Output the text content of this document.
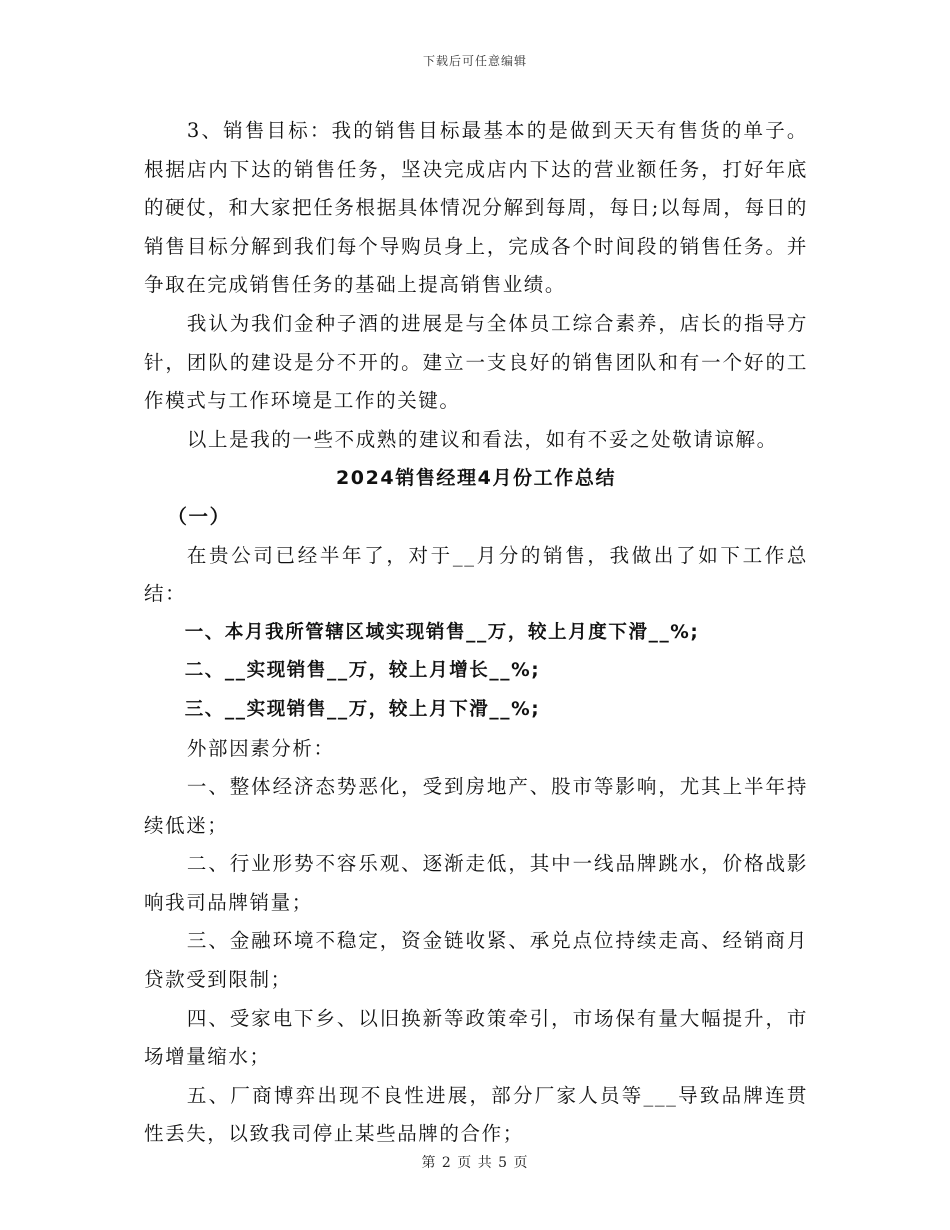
下载后可任意编辑

3、销售目标：我的销售目标最基本的是做到天天有售货的单子。根据店内下达的销售任务，坚决完成店内下达的营业额任务，打好年底的硬仗，和大家把任务根据具体情况分解到每周，每日;以每周，每日的销售目标分解到我们每个导购员身上，完成各个时间段的销售任务。并争取在完成销售任务的基础上提高销售业绩。

我认为我们金种子酒的进展是与全体员工综合素养，店长的指导方针，团队的建设是分不开的。建立一支良好的销售团队和有一个好的工作模式与工作环境是工作的关键。

以上是我的一些不成熟的建议和看法，如有不妥之处敬请谅解。

2024销售经理4月份工作总结

（一）

在贵公司已经半年了，对于__月分的销售，我做出了如下工作总结：

一、本月我所管辖区域实现销售__万，较上月度下滑__%;

二、__实现销售__万，较上月增长__%;

三、__实现销售__万，较上月下滑__%;

外部因素分析：

一、整体经济态势恶化，受到房地产、股市等影响，尤其上半年持续低迷；

二、行业形势不容乐观、逐渐走低，其中一线品牌跳水，价格战影响我司品牌销量；

三、金融环境不稳定，资金链收紧、承兑点位持续走高、经销商月贷款受到限制；

四、受家电下乡、以旧换新等政策牵引，市场保有量大幅提升，市场增量缩水；

五、厂商博弈出现不良性进展，部分厂家人员等___导致品牌连贯性丢失，以致我司停止某些品牌的合作；

第 2 页 共 5 页
